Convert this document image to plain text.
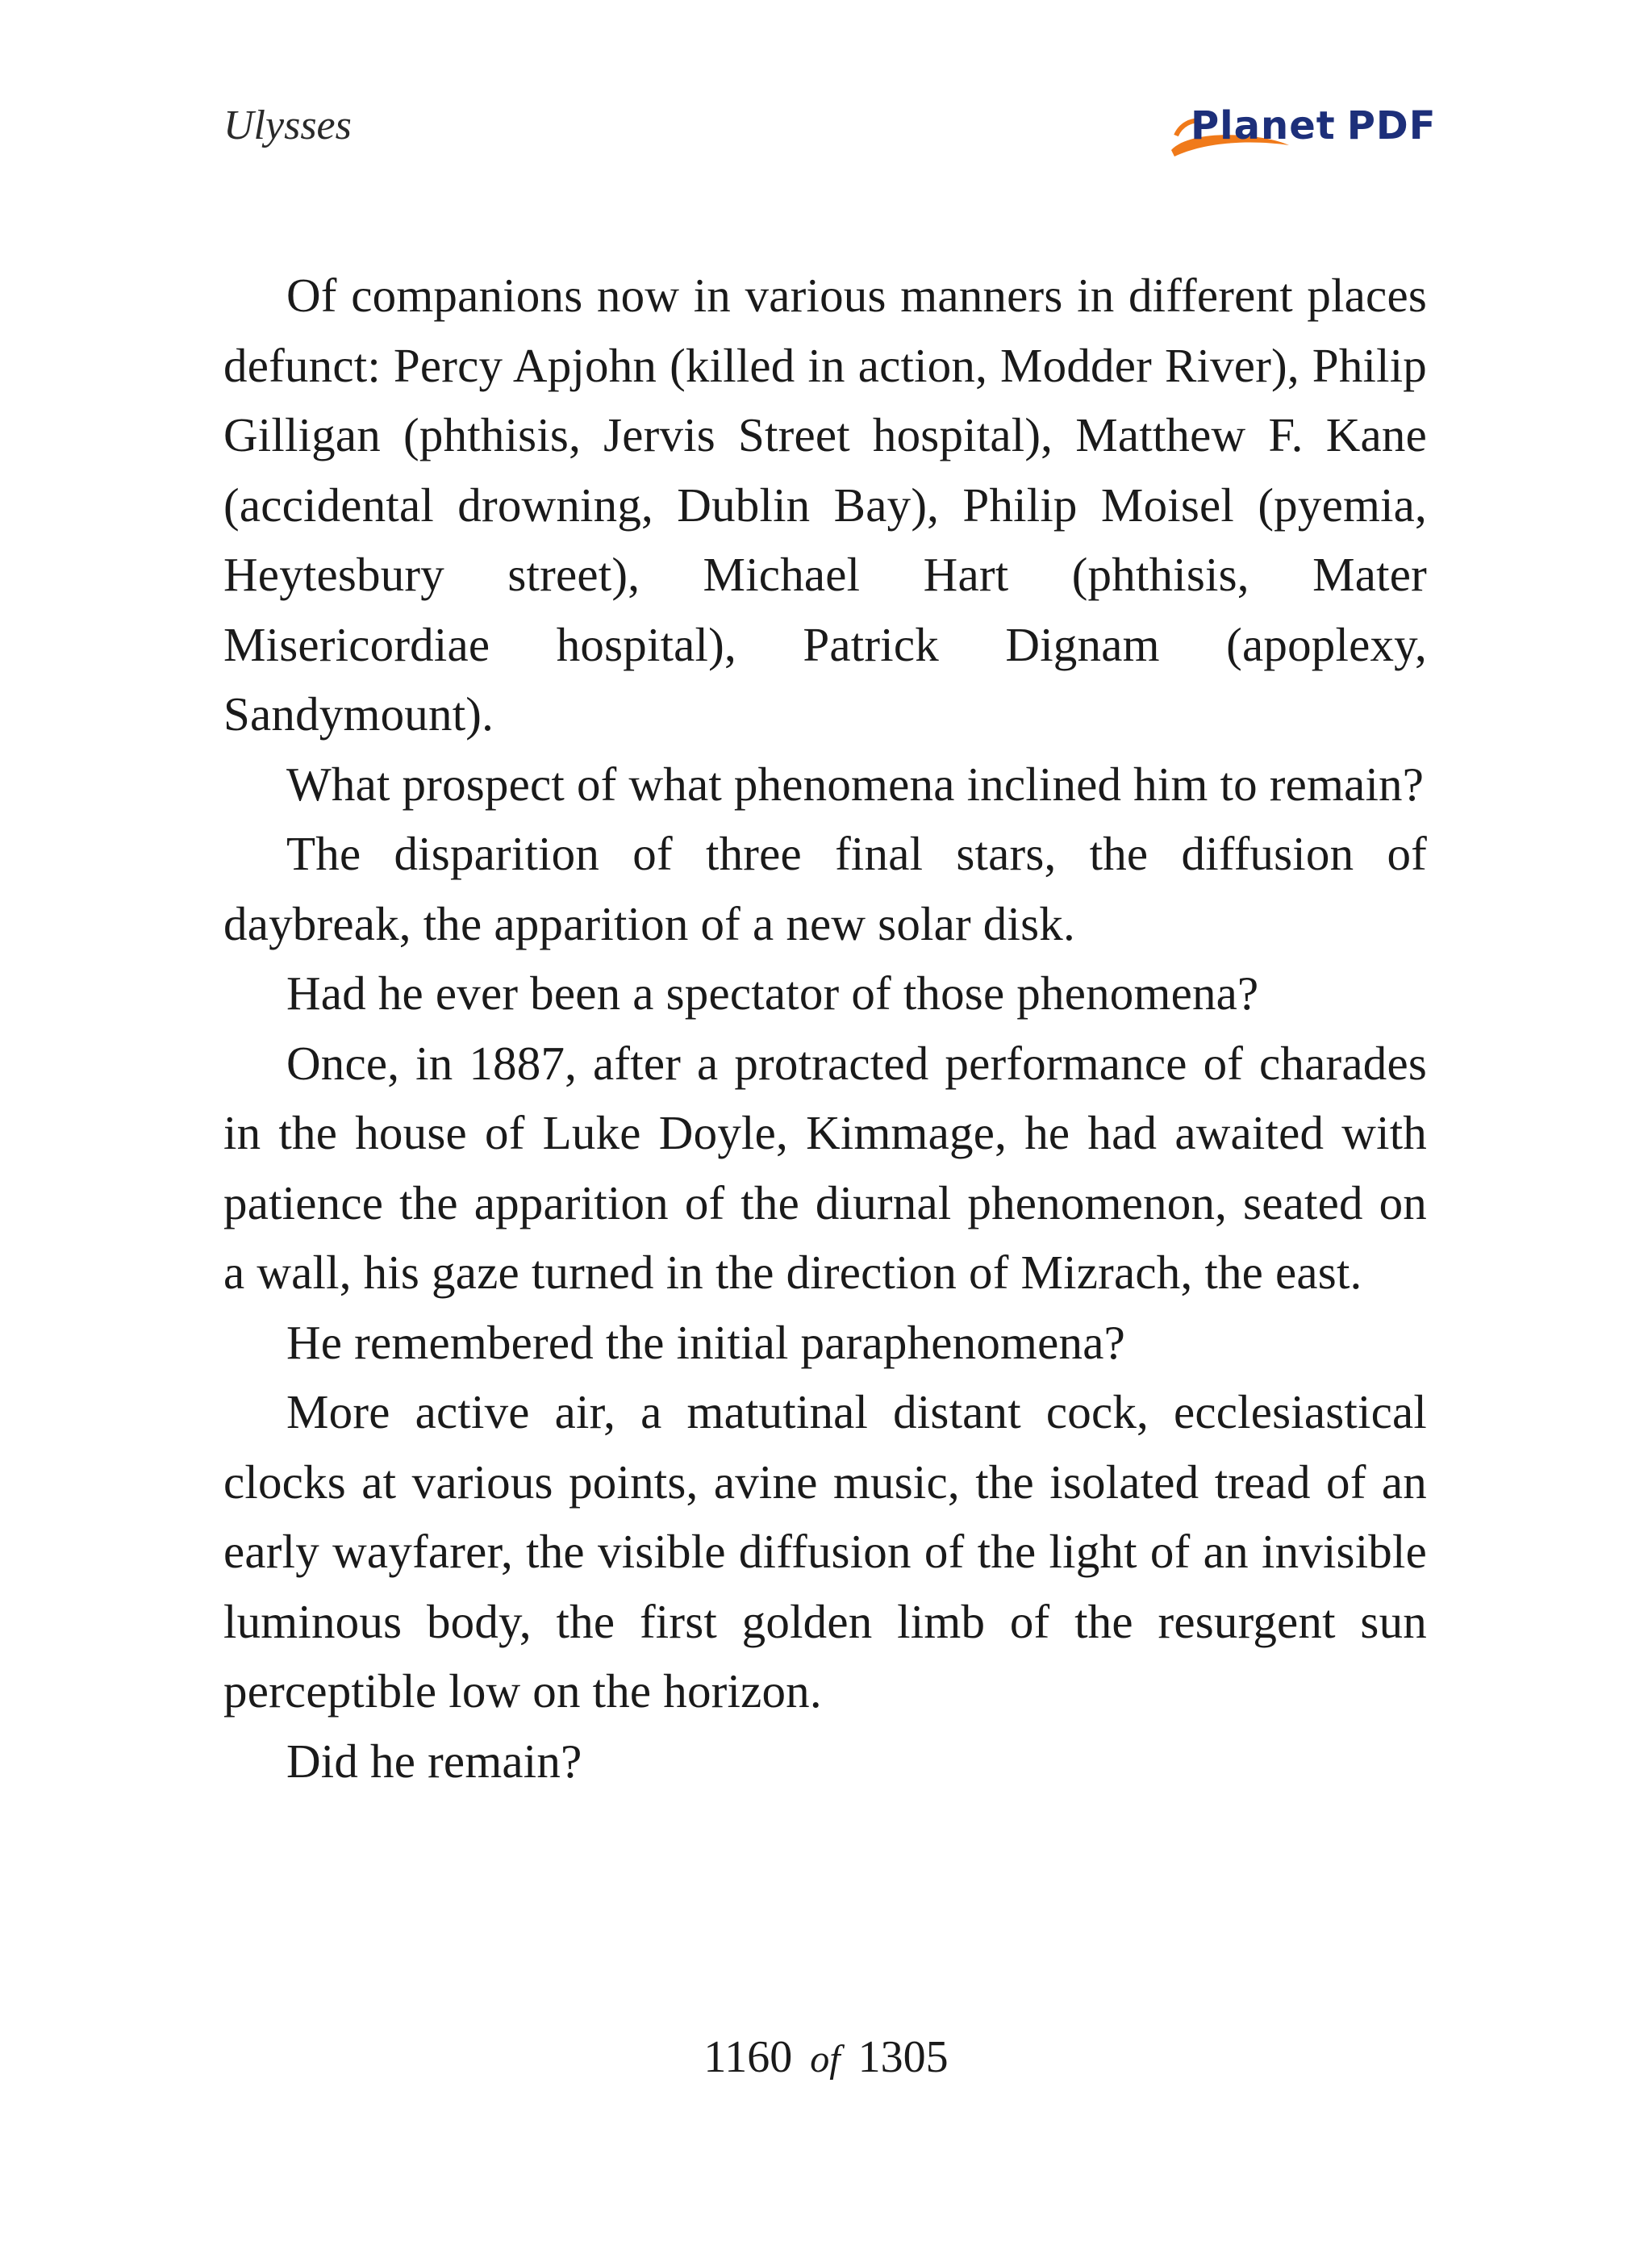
Ulysses	Planet PDF

Of companions now in various manners in different places defunct: Percy Apjohn (killed in action, Modder River), Philip Gilligan (phthisis, Jervis Street hospital), Matthew F. Kane (accidental drowning, Dublin Bay), Philip Moisel (pyemia, Heytesbury street), Michael Hart (phthisis, Mater Misericordiae hospital), Patrick Dignam (apoplexy, Sandymount).

What prospect of what phenomena inclined him to remain?

The disparition of three final stars, the diffusion of daybreak, the apparition of a new solar disk.

Had he ever been a spectator of those phenomena?

Once, in 1887, after a protracted performance of charades in the house of Luke Doyle, Kimmage, he had awaited with patience the apparition of the diurnal phenomenon, seated on a wall, his gaze turned in the direction of Mizrach, the east.

He remembered the initial paraphenomena?

More active air, a matutinal distant cock, ecclesiastical clocks at various points, avine music, the isolated tread of an early wayfarer, the visible diffusion of the light of an invisible luminous body, the first golden limb of the resurgent sun perceptible low on the horizon.

Did he remain?

1160 of 1305
